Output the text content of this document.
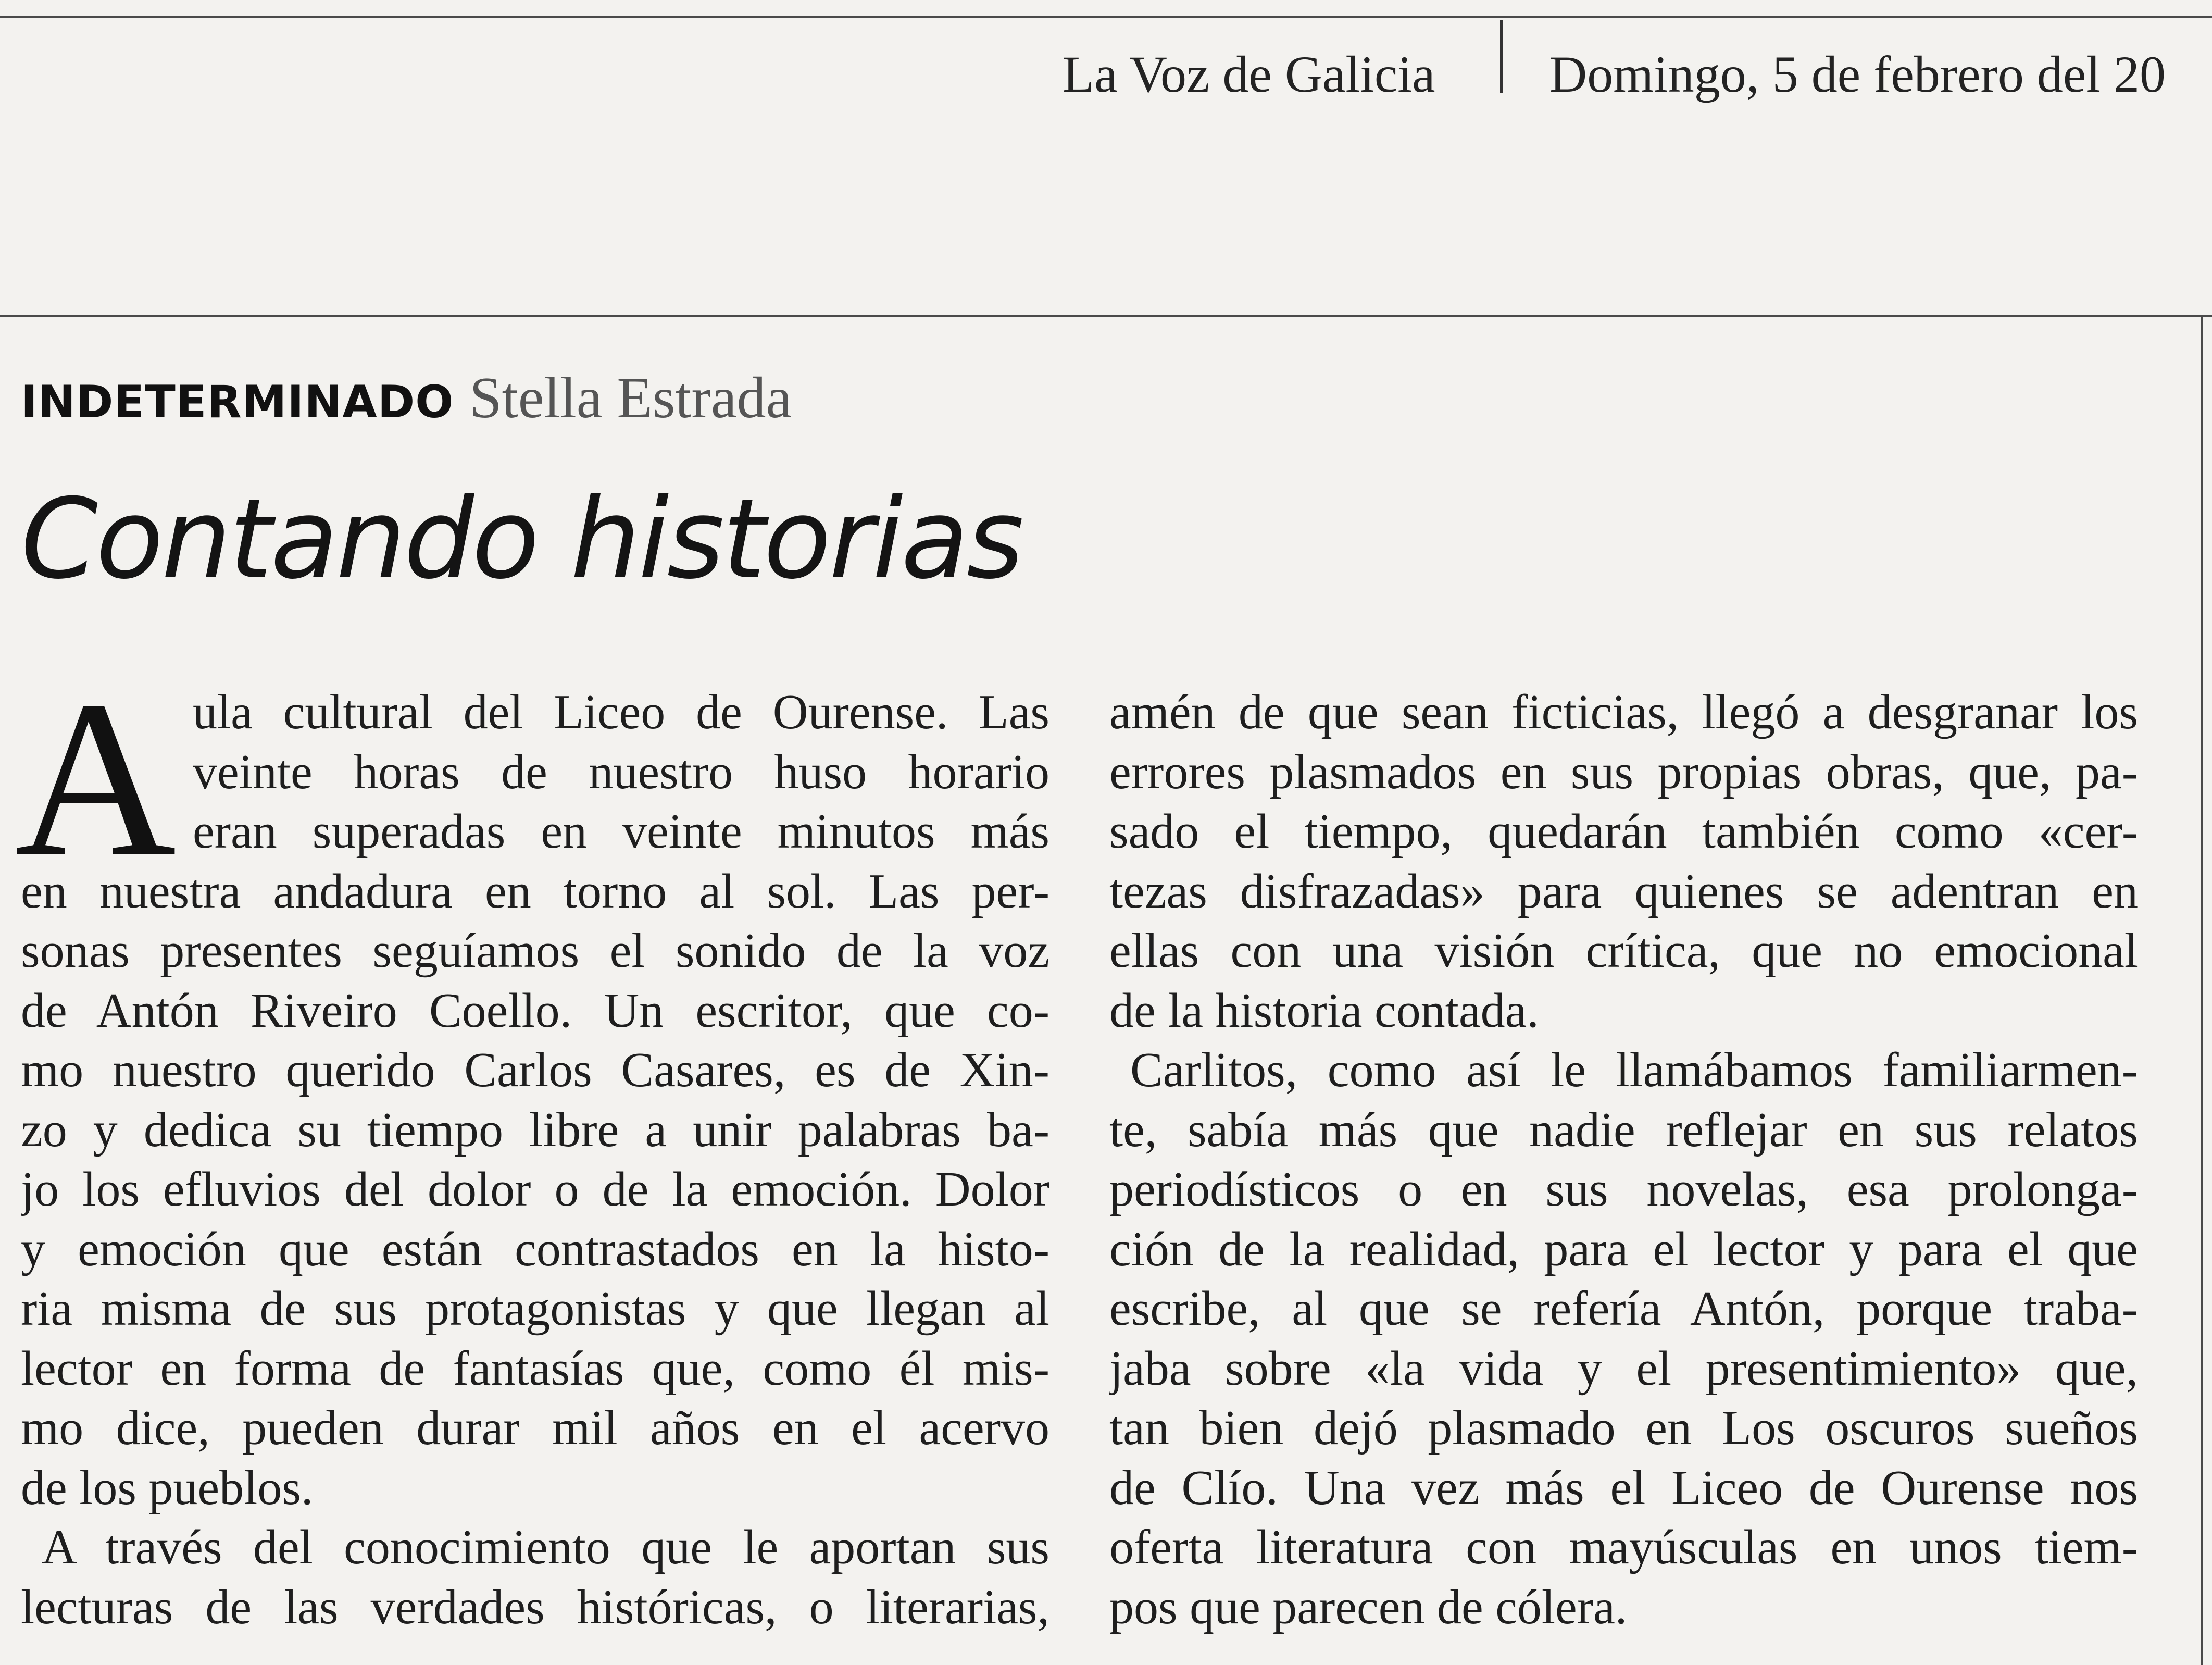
La Voz de Galicia Domingo, 5 de febrero del 20
INDETERMINADO Stella Estrada
Contando historias
A ula cultural del Liceo de Ourense. Las
veinte horas de nuestro huso horario
eran superadas en veinte minutos más
en nuestra andadura en torno al sol. Las per-
sonas presentes seguíamos el sonido de la voz
de Antón Riveiro Coello. Un escritor, que co-
mo nuestro querido Carlos Casares, es de Xin-
zo y dedica su tiempo libre a unir palabras ba-
jo los efluvios del dolor o de la emoción. Dolor
y emoción que están contrastados en la histo-
ria misma de sus protagonistas y que llegan al
lector en forma de fantasías que, como él mis-
mo dice, pueden durar mil años en el acervo
de los pueblos.
A través del conocimiento que le aportan sus
lecturas de las verdades históricas, o literarias,
amén de que sean ficticias, llegó a desgranar los
errores plasmados en sus propias obras, que, pa-
sado el tiempo, quedarán también como «cer-
tezas disfrazadas» para quienes se adentran en
ellas con una visión crítica, que no emocional
de la historia contada.
Carlitos, como así le llamábamos familiarmen-
te, sabía más que nadie reflejar en sus relatos
periodísticos o en sus novelas, esa prolonga-
ción de la realidad, para el lector y para el que
escribe, al que se refería Antón, porque traba-
jaba sobre «la vida y el presentimiento» que,
tan bien dejó plasmado en Los oscuros sueños
de Clío. Una vez más el Liceo de Ourense nos
oferta literatura con mayúsculas en unos tiem-
pos que parecen de cólera.
